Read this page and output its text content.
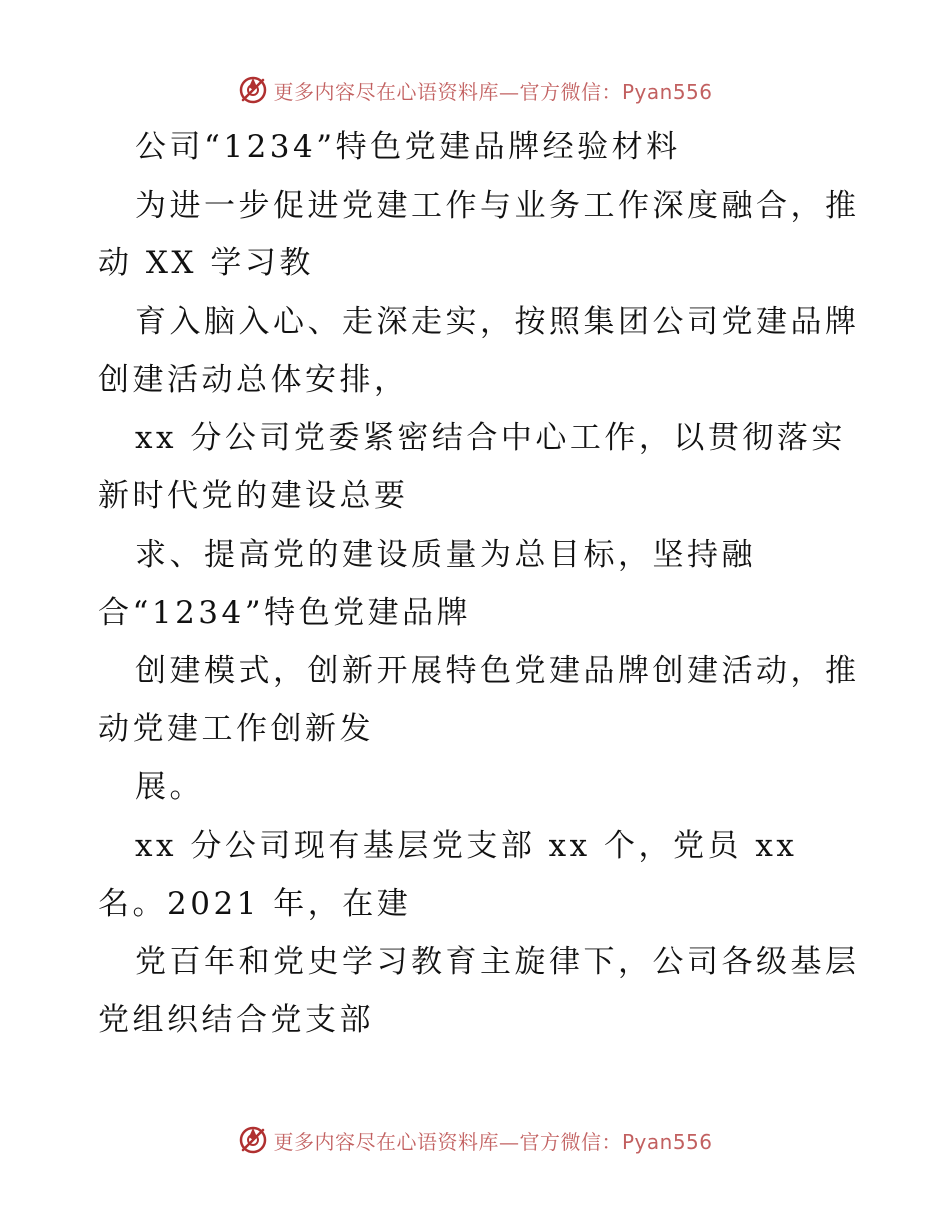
更多内容尽在心语资料库—官方微信：Pyan556
公司“1234”特色党建品牌经验材料
为进一步促进党建工作与业务工作深度融合，推
动 XX 学习教
育入脑入心、走深走实，按照集团公司党建品牌
创建活动总体安排，
xx 分公司党委紧密结合中心工作，以贯彻落实
新时代党的建设总要
求、提高党的建设质量为总目标，坚持融
合“1234”特色党建品牌
创建模式，创新开展特色党建品牌创建活动，推
动党建工作创新发
展。
xx 分公司现有基层党支部 xx 个，党员 xx
名。2021 年，在建
党百年和党史学习教育主旋律下，公司各级基层
党组织结合党支部
更多内容尽在心语资料库—官方微信：Pyan556
